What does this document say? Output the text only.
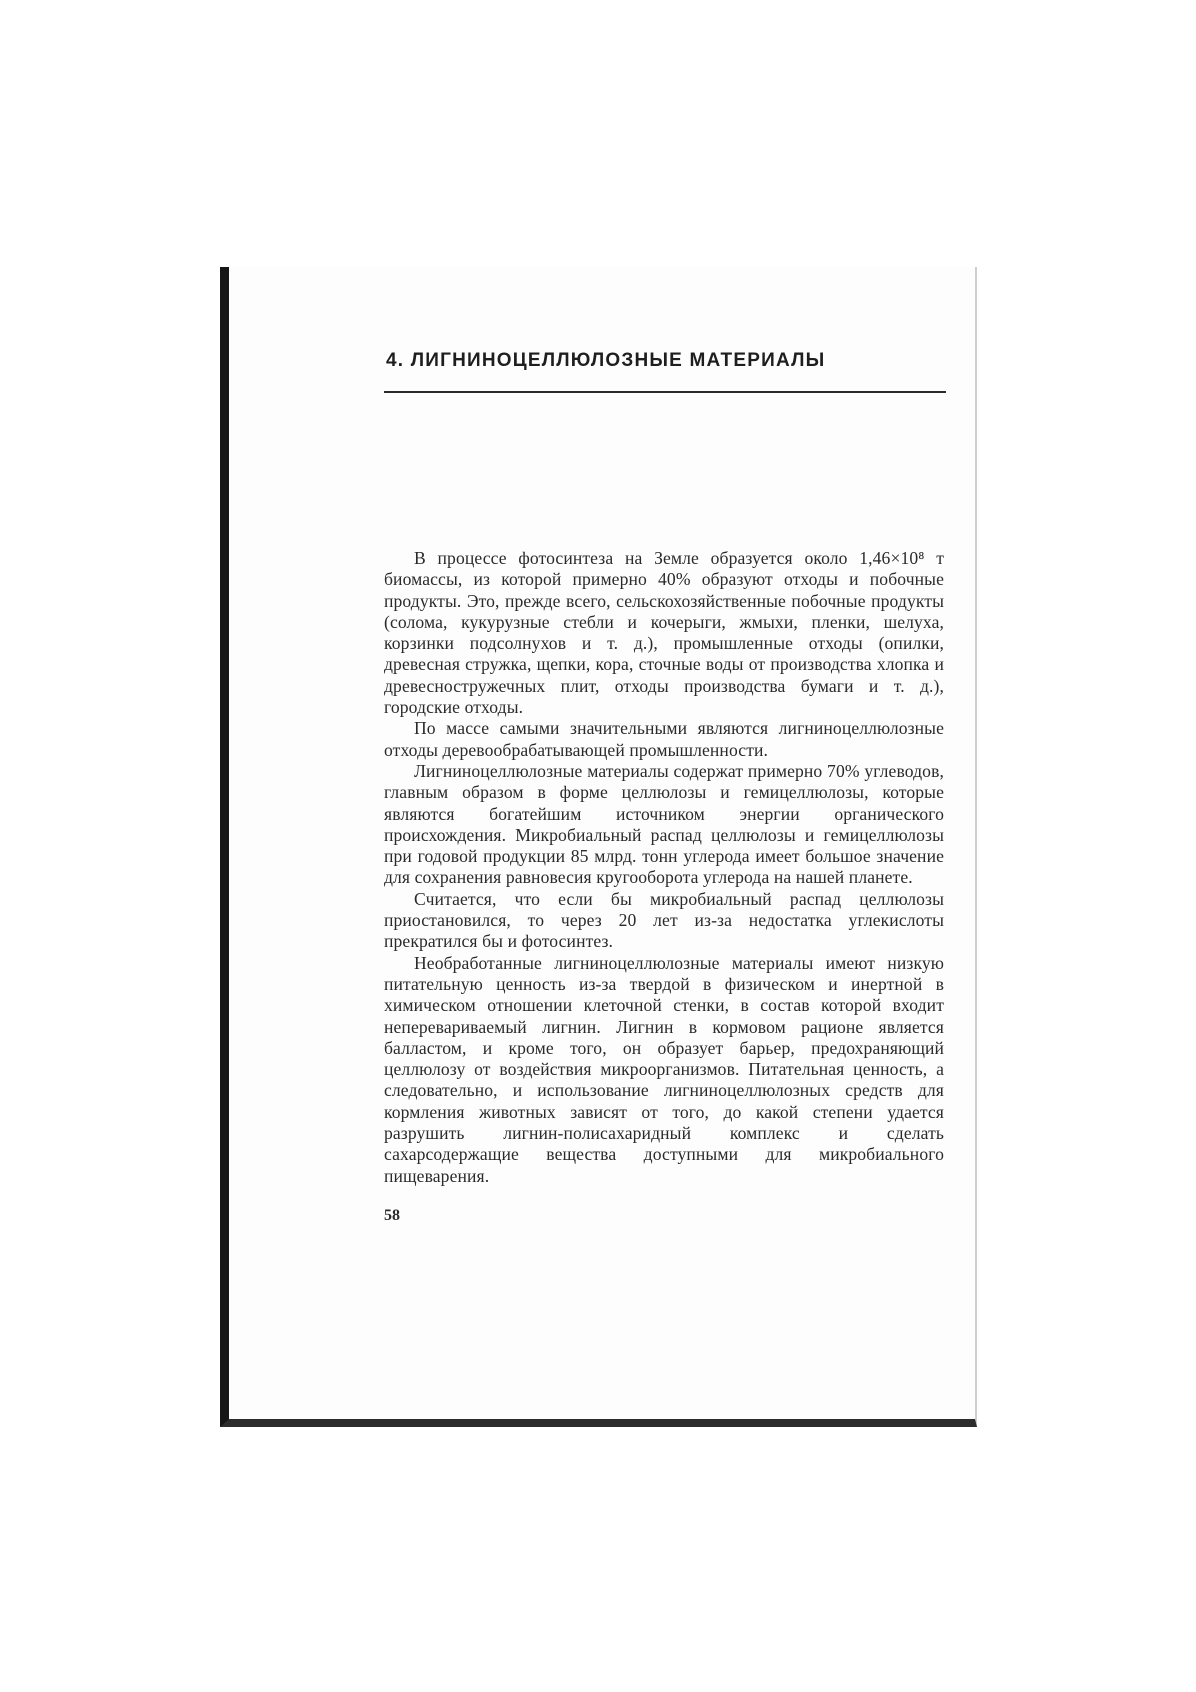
4. ЛИГНИНОЦЕЛЛЮЛОЗНЫЕ МАТЕРИАЛЫ

В процессе фотосинтеза на Земле образуется около 1,46×10⁸ т биомассы, из которой примерно 40% образуют отходы и побочные продукты. Это, прежде всего, сельскохозяйственные побочные продукты (солома, кукурузные стебли и кочерыги, жмыхи, пленки, шелуха, корзинки подсолнухов и т. д.), промышленные отходы (опилки, древесная стружка, щепки, кора, сточные воды от производства хлопка и древесностружечных плит, отходы производства бумаги и т. д.), городские отходы.

По массе самыми значительными являются лигниноцеллюлозные отходы деревообрабатывающей промышленности.

Лигниноцеллюлозные материалы содержат примерно 70% углеводов, главным образом в форме целлюлозы и гемицеллюлозы, которые являются богатейшим источником энергии органического происхождения. Микробиальный распад целлюлозы и гемицеллюлозы при годовой продукции 85 млрд. тонн углерода имеет большое значение для сохранения равновесия кругооборота углерода на нашей планете.

Считается, что если бы микробиальный распад целлюлозы приостановился, то через 20 лет из-за недостатка углекислоты прекратился бы и фотосинтез.

Необработанные лигниноцеллюлозные материалы имеют низкую питательную ценность из-за твердой в физическом и инертной в химическом отношении клеточной стенки, в состав которой входит неперевариваемый лигнин. Лигнин в кормовом рационе является балластом, и кроме того, он образует барьер, предохраняющий целлюлозу от воздействия микроорганизмов. Питательная ценность, а следовательно, и использование лигниноцеллюлозных средств для кормления животных зависят от того, до какой степени удается разрушить лигнин-полисахаридный комплекс и сделать сахарсодержащие вещества доступными для микробиального пищеварения.

58
